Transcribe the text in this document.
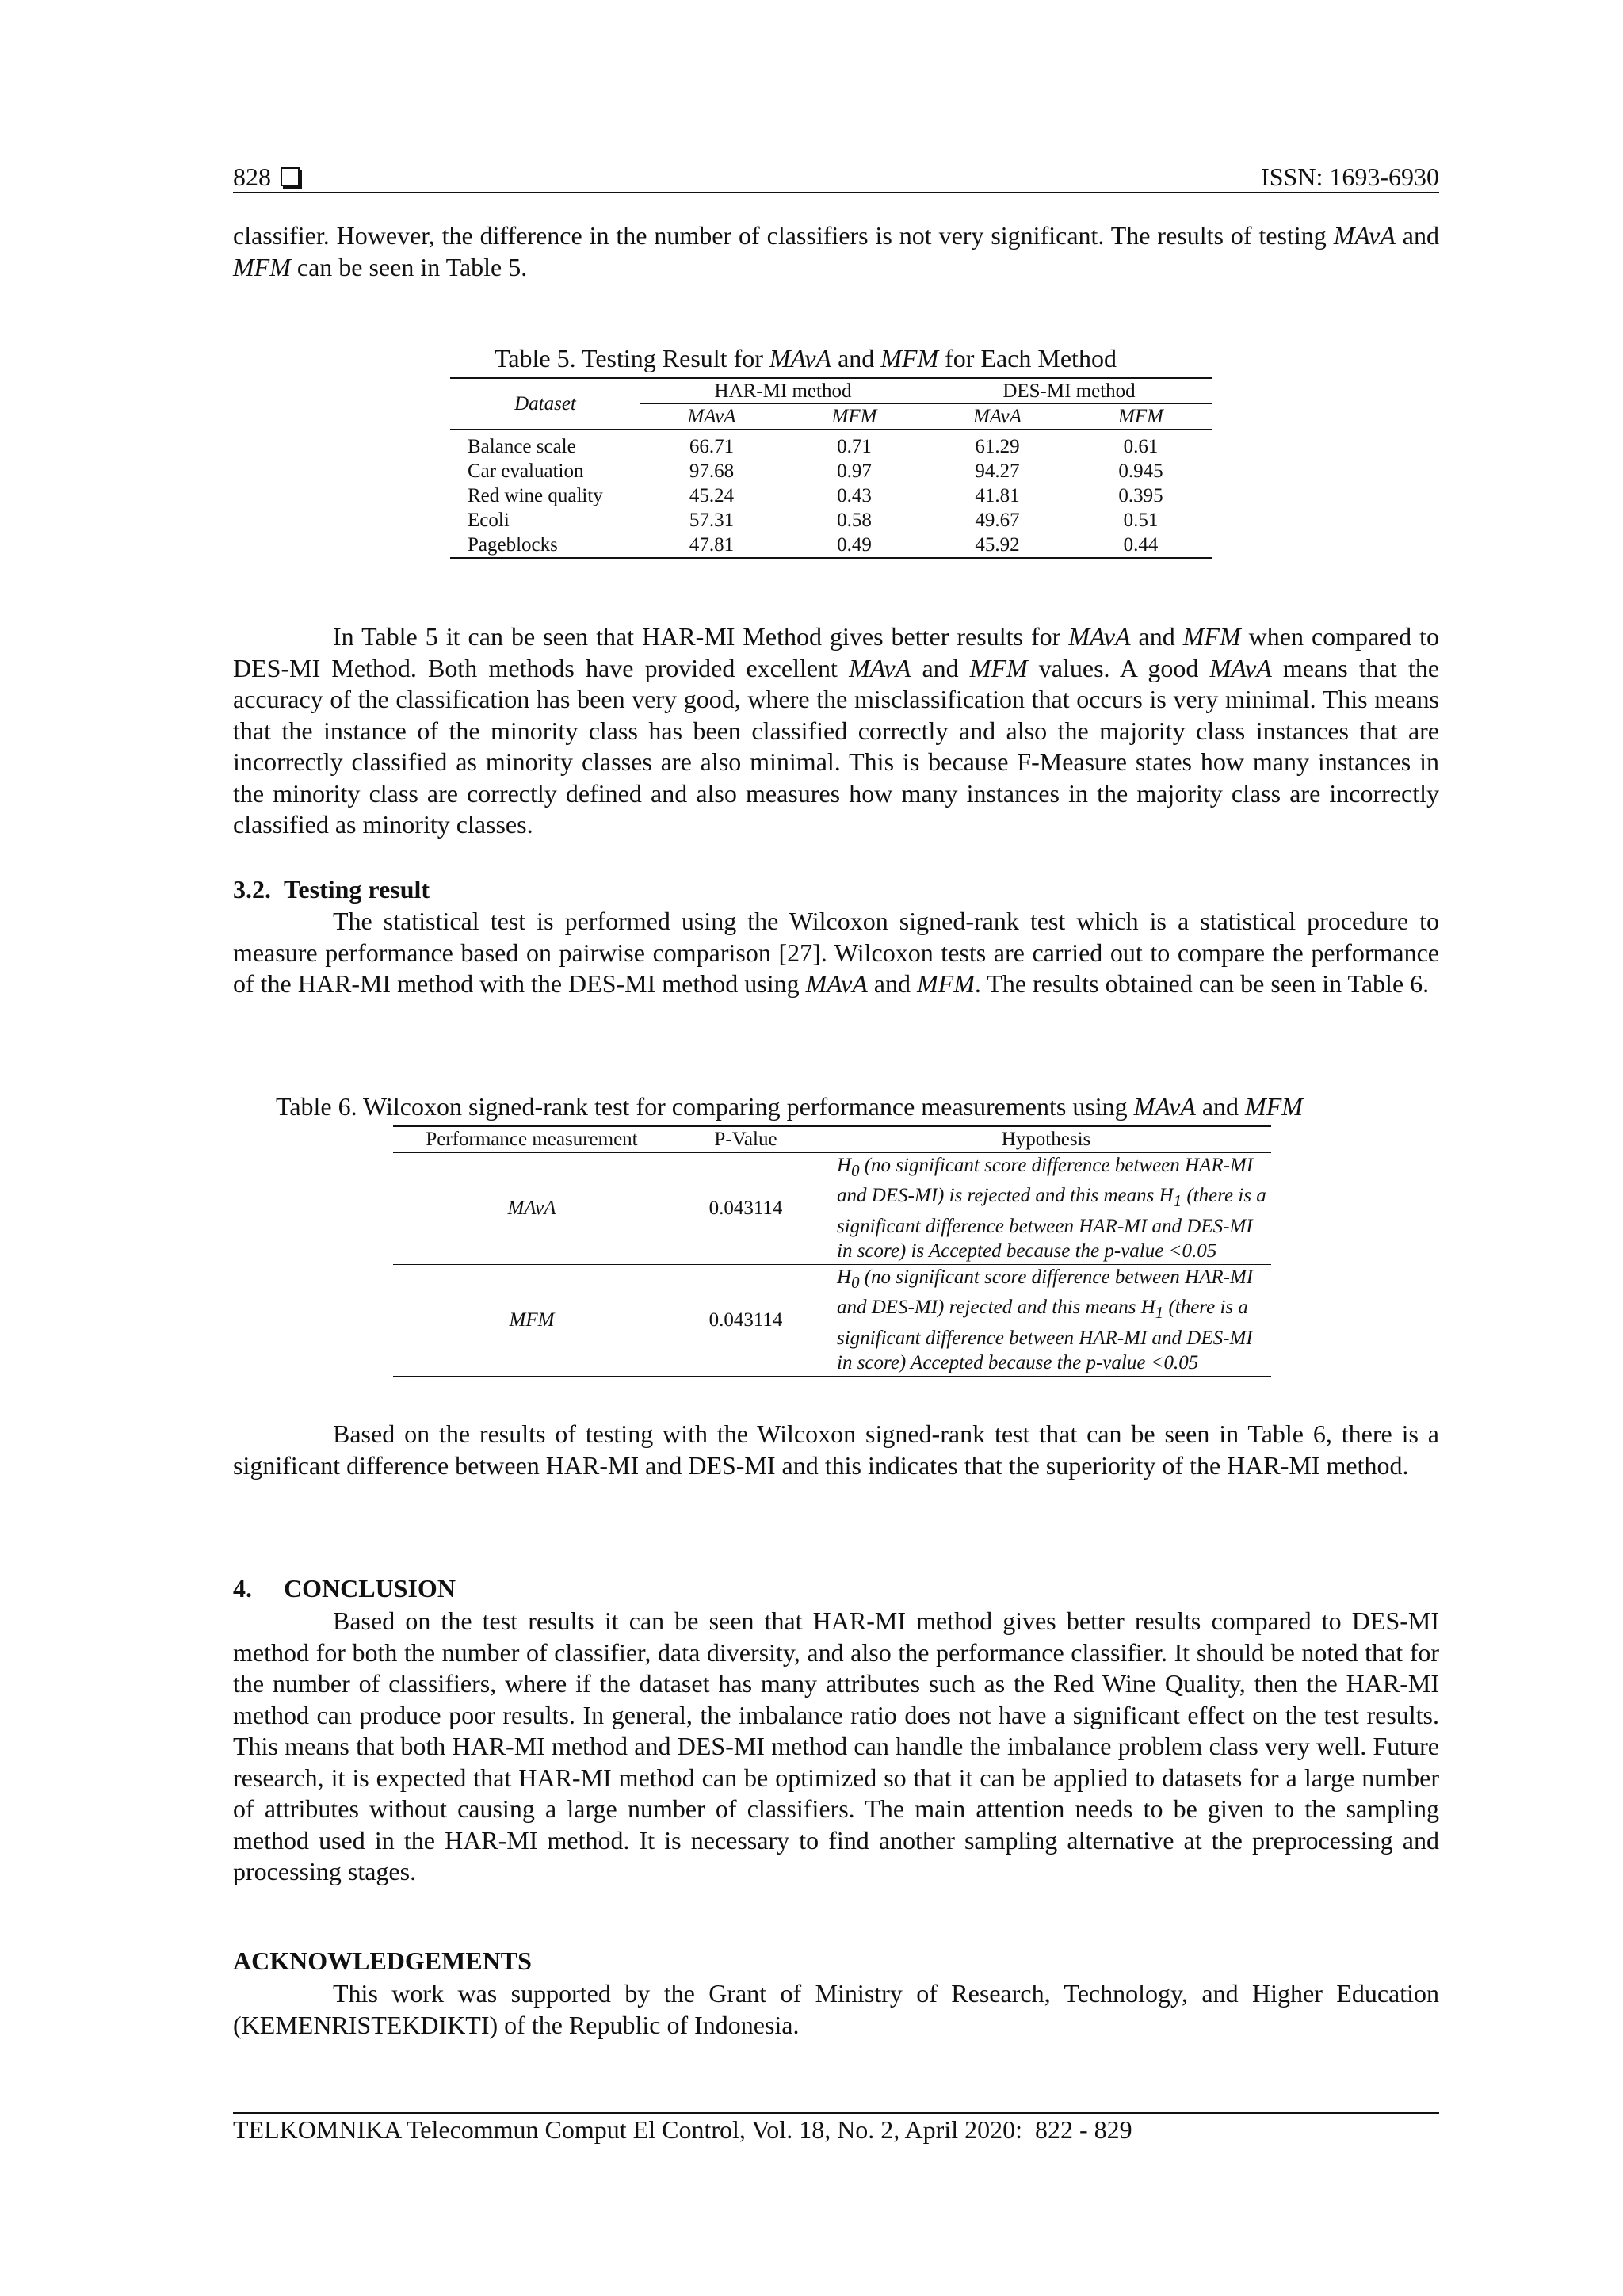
828	ISSN: 1693-6930

classifier. However, the difference in the number of classifiers is not very significant. The results of testing MAvA and MFM can be seen in Table 5.

Table 5. Testing Result for MAvA and MFM for Each Method
Dataset	HAR-MI method		DES-MI method	
	MAvA	MFM	MAvA	MFM
Balance scale	66.71	0.71	61.29	0.61
Car evaluation	97.68	0.97	94.27	0.945
Red wine quality	45.24	0.43	41.81	0.395
Ecoli	57.31	0.58	49.67	0.51
Pageblocks	47.81	0.49	45.92	0.44

In Table 5 it can be seen that HAR-MI Method gives better results for MAvA and MFM when compared to DES-MI Method. Both methods have provided excellent MAvA and MFM values. A good MAvA means that the accuracy of the classification has been very good, where the misclassification that occurs is very minimal. This means that the instance of the minority class has been classified correctly and also the majority class instances that are incorrectly classified as minority classes are also minimal. This is because F-Measure states how many instances in the minority class are correctly defined and also measures how many instances in the majority class are incorrectly classified as minority classes.

3.2.  Testing result

The statistical test is performed using the Wilcoxon signed-rank test which is a statistical procedure to measure performance based on pairwise comparison [27]. Wilcoxon tests are carried out to compare the performance of the HAR-MI method with the DES-MI method using MAvA and MFM. The results obtained can be seen in Table 6.

Table 6. Wilcoxon signed-rank test for comparing performance measurements using MAvA and MFM
Performance measurement	P-Value	Hypothesis
MAvA	0.043114	$H_0$ (no significant score difference between HAR-MI and DES-MI) is rejected and this means $H_1$ (there is a significant difference between HAR-MI and DES-MI in score) is Accepted because the p-value <0.05
MFM	0.043114	$H_0$ (no significant score difference between HAR-MI and DES-MI) rejected and this means $H_1$ (there is a significant difference between HAR-MI and DES-MI in score) Accepted because the p-value <0.05

Based on the results of testing with the Wilcoxon signed-rank test that can be seen in Table 6, there is a significant difference between HAR-MI and DES-MI and this indicates that the superiority of the HAR-MI method.

4.     CONCLUSION

Based on the test results it can be seen that HAR-MI method gives better results compared to DES-MI method for both the number of classifier, data diversity, and also the performance classifier. It should be noted that for the number of classifiers, where if the dataset has many attributes such as the Red Wine Quality, then the HAR-MI method can produce poor results. In general, the imbalance ratio does not have a significant effect on the test results. This means that both HAR-MI method and DES-MI method can handle the imbalance problem class very well. Future research, it is expected that HAR-MI method can be optimized so that it can be applied to datasets for a large number of attributes without causing a large number of classifiers. The main attention needs to be given to the sampling method used in the HAR-MI method. It is necessary to find another sampling alternative at the preprocessing and processing stages.

ACKNOWLEDGEMENTS

This work was supported by the Grant of Ministry of Research, Technology, and Higher Education (KEMENRISTEKDIKTI) of the Republic of Indonesia.

TELKOMNIKA Telecommun Comput El Control, Vol. 18, No. 2, April 2020:  822 - 829
